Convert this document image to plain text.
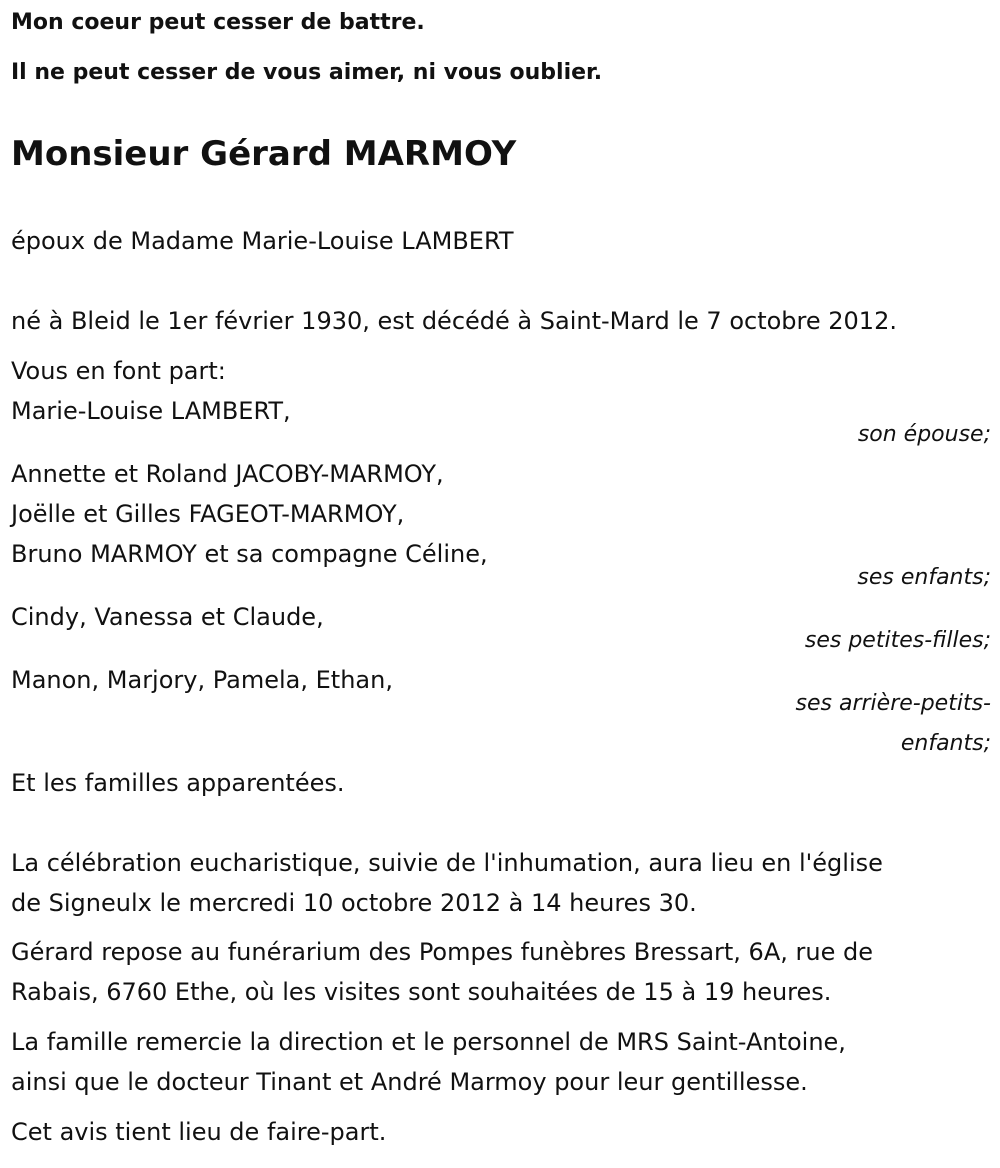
Mon coeur peut cesser de battre.
Il ne peut cesser de vous aimer, ni vous oublier.
Monsieur Gérard MARMOY
époux de Madame Marie-Louise LAMBERT
né à Bleid le 1er février 1930, est décédé à Saint-Mard le 7 octobre 2012.
Vous en font part:
Marie-Louise LAMBERT,
son épouse;
Annette et Roland JACOBY-MARMOY,
Joëlle et Gilles FAGEOT-MARMOY,
Bruno MARMOY et sa compagne Céline,
ses enfants;
Cindy, Vanessa et Claude,
ses petites-filles;
Manon, Marjory, Pamela, Ethan,
ses arrière-petits-
enfants;
Et les familles apparentées.
La célébration eucharistique, suivie de l'inhumation, aura lieu en l'église
de Signeulx le mercredi 10 octobre 2012 à 14 heures 30.
Gérard repose au funérarium des Pompes funèbres Bressart, 6A, rue de
Rabais, 6760 Ethe, où les visites sont souhaitées de 15 à 19 heures.
La famille remercie la direction et le personnel de MRS Saint-Antoine,
ainsi que le docteur Tinant et André Marmoy pour leur gentillesse.
Cet avis tient lieu de faire-part.
